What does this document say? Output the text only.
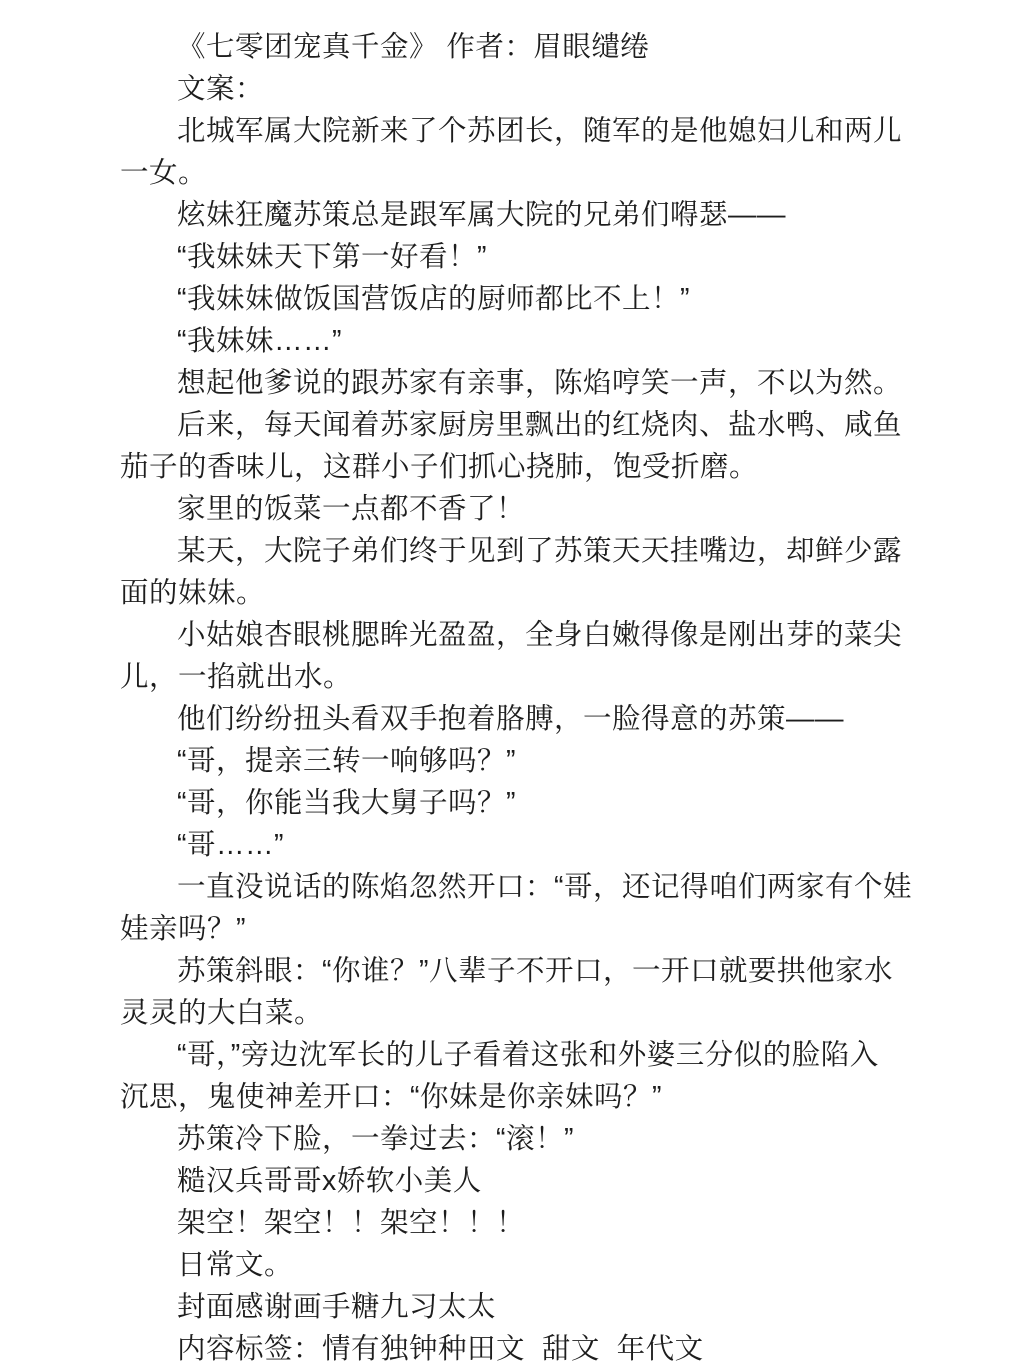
《七零团宠真千金》 作者：眉眼缱绻
文案：
北城军属大院新来了个苏团长，随军的是他媳妇儿和两儿
一女。
炫妹狂魔苏策总是跟军属大院的兄弟们嘚瑟——
“我妹妹天下第一好看！”
“我妹妹做饭国营饭店的厨师都比不上！”
“我妹妹……”
想起他爹说的跟苏家有亲事，陈焰哼笑一声，不以为然。
后来，每天闻着苏家厨房里飘出的红烧肉、盐水鸭、咸鱼
茄子的香味儿，这群小子们抓心挠肺，饱受折磨。
家里的饭菜一点都不香了！
某天，大院子弟们终于见到了苏策天天挂嘴边，却鲜少露
面的妹妹。
小姑娘杏眼桃腮眸光盈盈，全身白嫩得像是刚出芽的菜尖
儿，一掐就出水。
他们纷纷扭头看双手抱着胳膊，一脸得意的苏策——
“哥，提亲三转一响够吗？”
“哥，你能当我大舅子吗？”
“哥……”
一直没说话的陈焰忽然开口：“哥，还记得咱们两家有个娃
娃亲吗？”
苏策斜眼：“你谁？”八辈子不开口，一开口就要拱他家水
灵灵的大白菜。
“哥，”旁边沈军长的儿子看着这张和外婆三分似的脸陷入
沉思，鬼使神差开口：“你妹是你亲妹吗？”
苏策冷下脸，一拳过去：“滚！”
糙汉兵哥哥x娇软小美人
架空！架空！！架空！！！
日常文。
封面感谢画手糖九习太太
内容标签：情有独钟种田文  甜文  年代文
